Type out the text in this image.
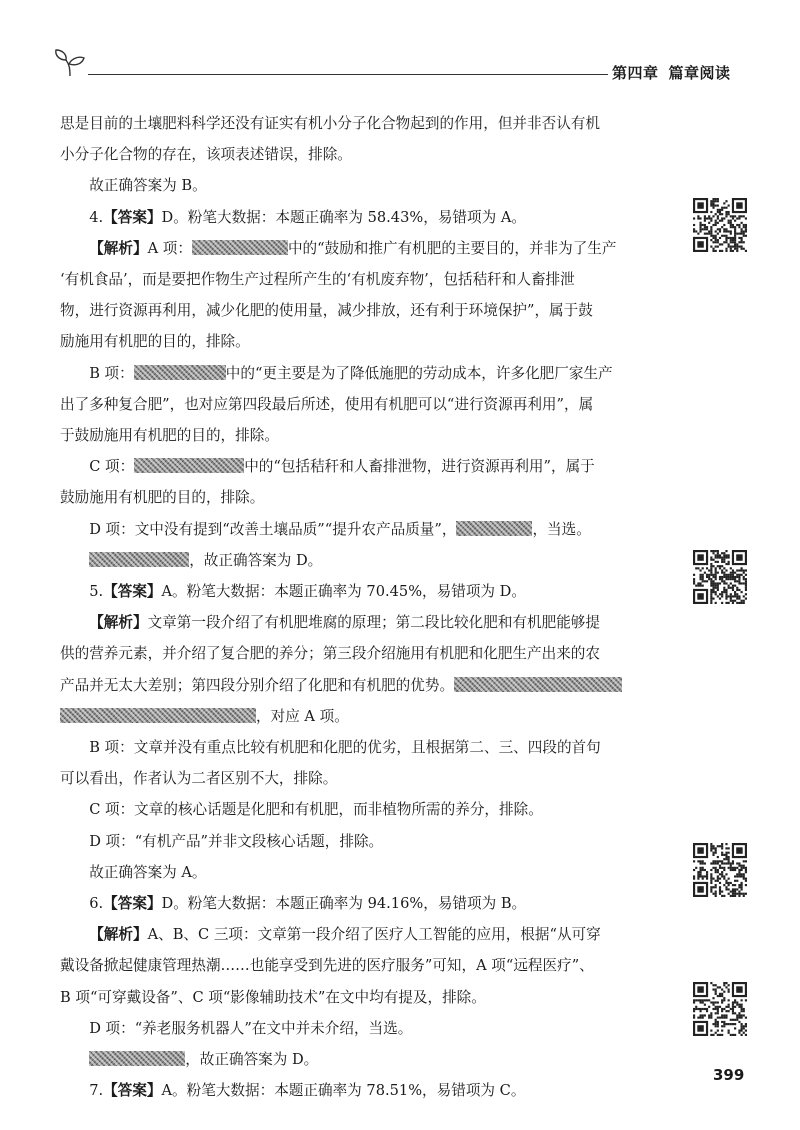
第四章 篇章阅读

思是目前的土壤肥料科学还没有证实有机小分子化合物起到的作用，但并非否认有机
小分子化合物的存在，该项表述错误，排除。

故正确答案为 B。

4.【答案】D。粉笔大数据：本题正确率为 58.43%，易错项为 A。

【解析】A 项：	中的“鼓励和推广有机肥的主要目的，并非为了生产
‘有机食品’，而是要把作物生产过程所产生的‘有机废弃物’，包括秸秆和人畜排泄
物，进行资源再利用，减少化肥的使用量，减少排放，还有利于环境保护”，属于鼓
励施用有机肥的目的，排除。

B 项：	中的“更主要是为了降低施肥的劳动成本，许多化肥厂家生产
出了多种复合肥”，也对应第四段最后所述，使用有机肥可以“进行资源再利用”，属
于鼓励施用有机肥的目的，排除。

C 项：	中的“包括秸秆和人畜排泄物，进行资源再利用”，属于
鼓励施用有机肥的目的，排除。

D 项：文中没有提到“改善土壤品质”“提升农产品质量”，	，当选。

，故正确答案为 D。

5.【答案】A。粉笔大数据：本题正确率为 70.45%，易错项为 D。

【解析】文章第一段介绍了有机肥堆腐的原理；第二段比较化肥和有机肥能够提
供的营养元素，并介绍了复合肥的养分；第三段介绍施用有机肥和化肥生产出来的农
产品并无太大差别；第四段分别介绍了化肥和有机肥的优势。
，对应 A 项。

B 项：文章并没有重点比较有机肥和化肥的优劣，且根据第二、三、四段的首句
可以看出，作者认为二者区别不大，排除。

C 项：文章的核心话题是化肥和有机肥，而非植物所需的养分，排除。

D 项：“有机产品”并非文段核心话题，排除。

故正确答案为 A。

6.【答案】D。粉笔大数据：本题正确率为 94.16%，易错项为 B。

【解析】A、B、C 三项：文章第一段介绍了医疗人工智能的应用，根据“从可穿
戴设备掀起健康管理热潮……也能享受到先进的医疗服务”可知，A 项“远程医疗”、
B 项“可穿戴设备”、C 项“影像辅助技术”在文中均有提及，排除。

D 项：“养老服务机器人”在文中并未介绍，当选。

，故正确答案为 D。

7.【答案】A。粉笔大数据：本题正确率为 78.51%，易错项为 C。

399
